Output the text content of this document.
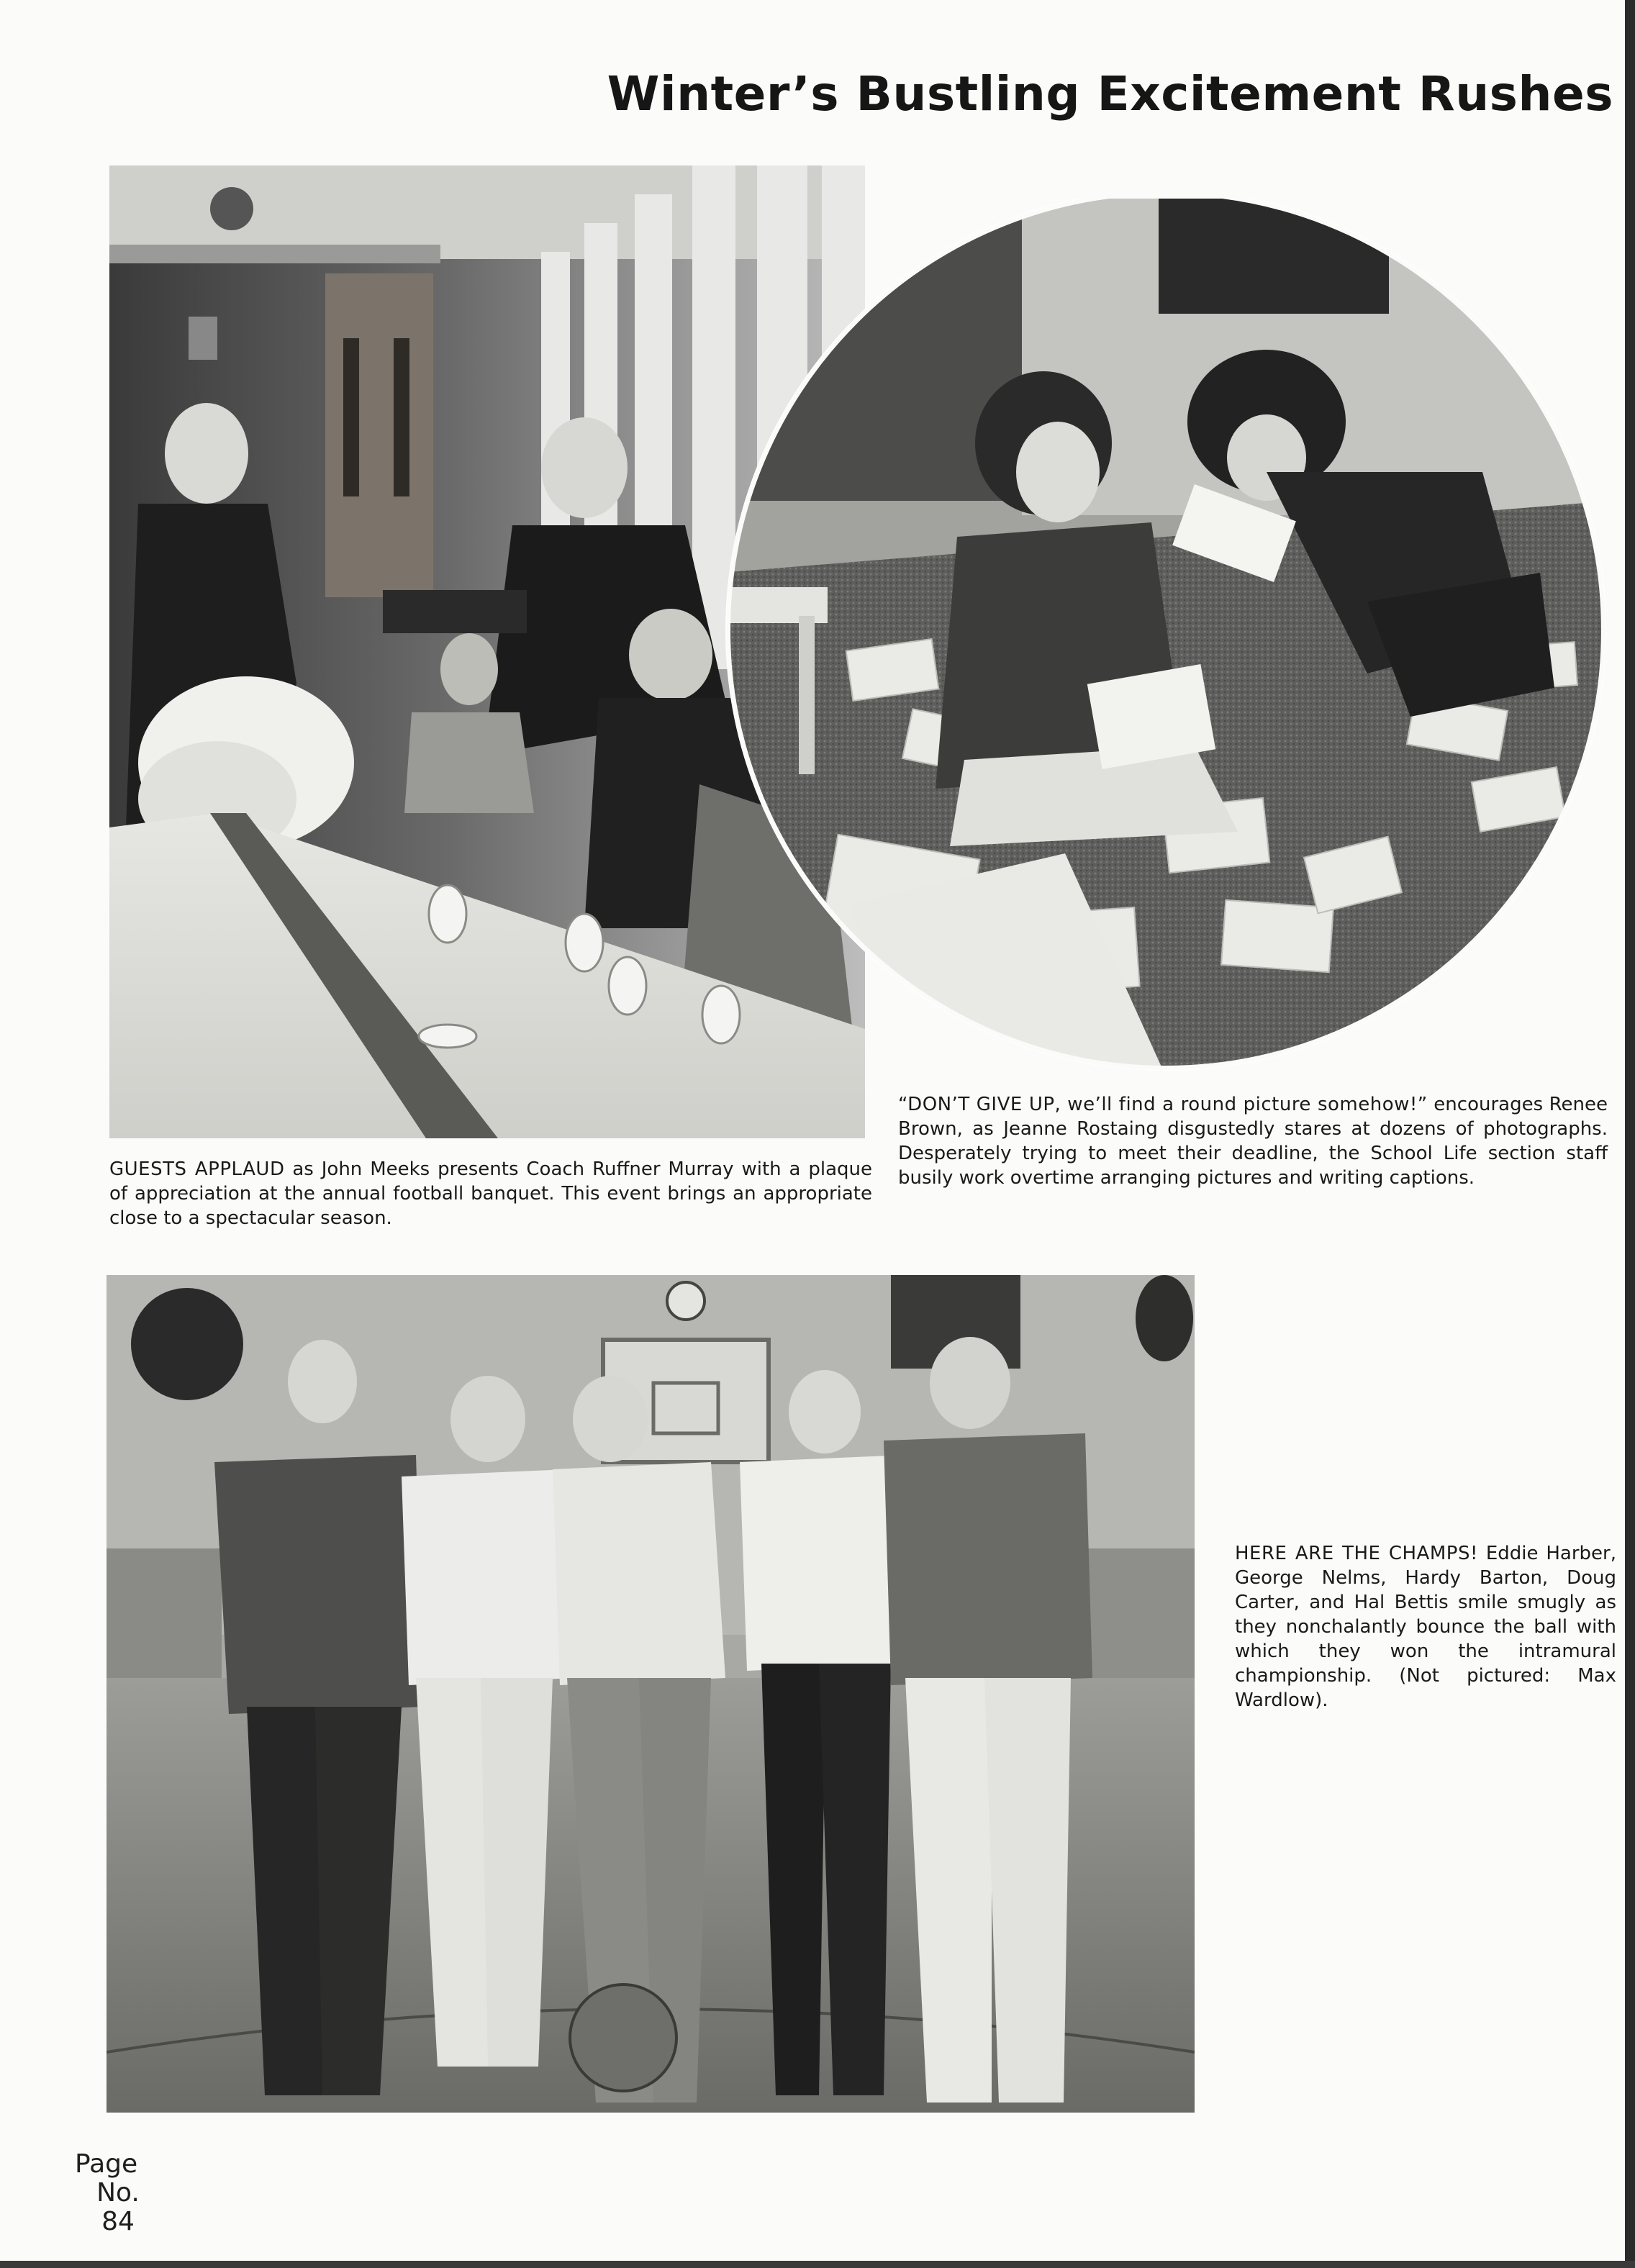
Winter’s Bustling Excitement Rushes
GUESTS APPLAUD as John Meeks presents Coach Ruffner Murray with a plaque of appreciation at the annual football banquet. This event brings an appropriate close to a spectacular season.
“DON’T GIVE UP, we’ll find a round picture somehow!” encourages Renee Brown, as Jeanne Rostaing disgustedly stares at dozens of photographs. Desperately trying to meet their deadline, the School Life section staff busily work overtime arranging pictures and writing captions.
HERE ARE THE CHAMPS! Eddie Harber, George Nelms, Hardy Barton, Doug Carter, and Hal Bettis smile smugly as they nonchalantly bounce the ball with which they won the intramural championship. (Not pictured: Max Wardlow).
Page
No.
84
